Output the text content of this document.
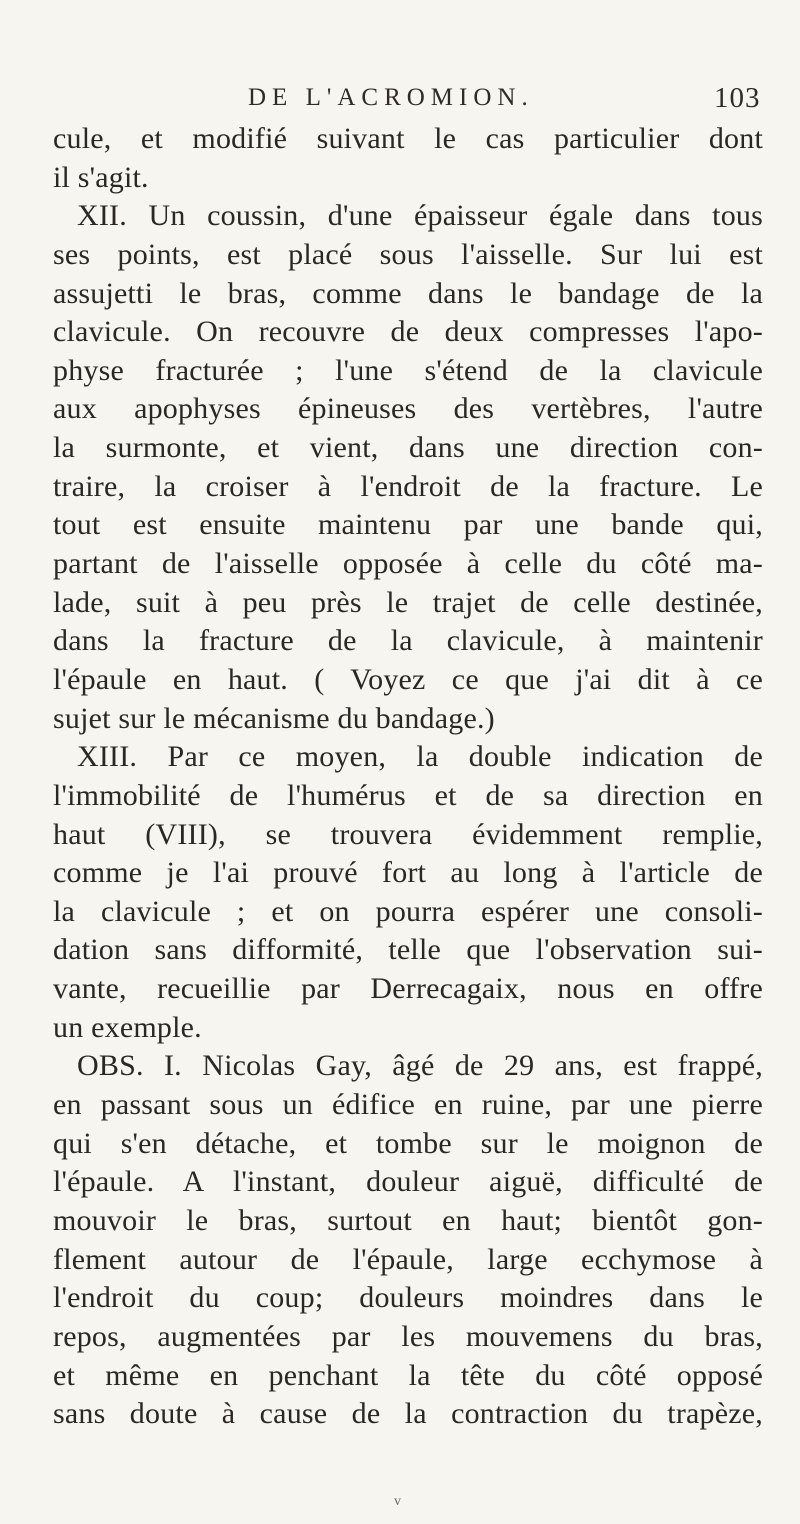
DE L'ACROMION.	103
cule, et modifié suivant le cas particulier dont
il s'agit.
XII. Un coussin, d'une épaisseur égale dans tous
ses points, est placé sous l'aisselle. Sur lui est
assujetti le bras, comme dans le bandage de la
clavicule. On recouvre de deux compresses l'apo-
physe fracturée ; l'une s'étend de la clavicule
aux apophyses épineuses des vertèbres, l'autre
la surmonte, et vient, dans une direction con-
traire, la croiser à l'endroit de la fracture. Le
tout est ensuite maintenu par une bande qui,
partant de l'aisselle opposée à celle du côté ma-
lade, suit à peu près le trajet de celle destinée,
dans la fracture de la clavicule, à maintenir
l'épaule en haut. ( Voyez ce que j'ai dit à ce
sujet sur le mécanisme du bandage.)
XIII. Par ce moyen, la double indication de
l'immobilité de l'humérus et de sa direction en
haut (VIII), se trouvera évidemment remplie,
comme je l'ai prouvé fort au long à l'article de
la clavicule ; et on pourra espérer une consoli-
dation sans difformité, telle que l'observation sui-
vante, recueillie par Derrecagaix, nous en offre
un exemple.
OBS. I. Nicolas Gay, âgé de 29 ans, est frappé,
en passant sous un édifice en ruine, par une pierre
qui s'en détache, et tombe sur le moignon de
l'épaule. A l'instant, douleur aiguë, difficulté de
mouvoir le bras, surtout en haut; bientôt gon-
flement autour de l'épaule, large ecchymose à
l'endroit du coup; douleurs moindres dans le
repos, augmentées par les mouvemens du bras,
et même en penchant la tête du côté opposé
sans doute à cause de la contraction du trapèze,
v
